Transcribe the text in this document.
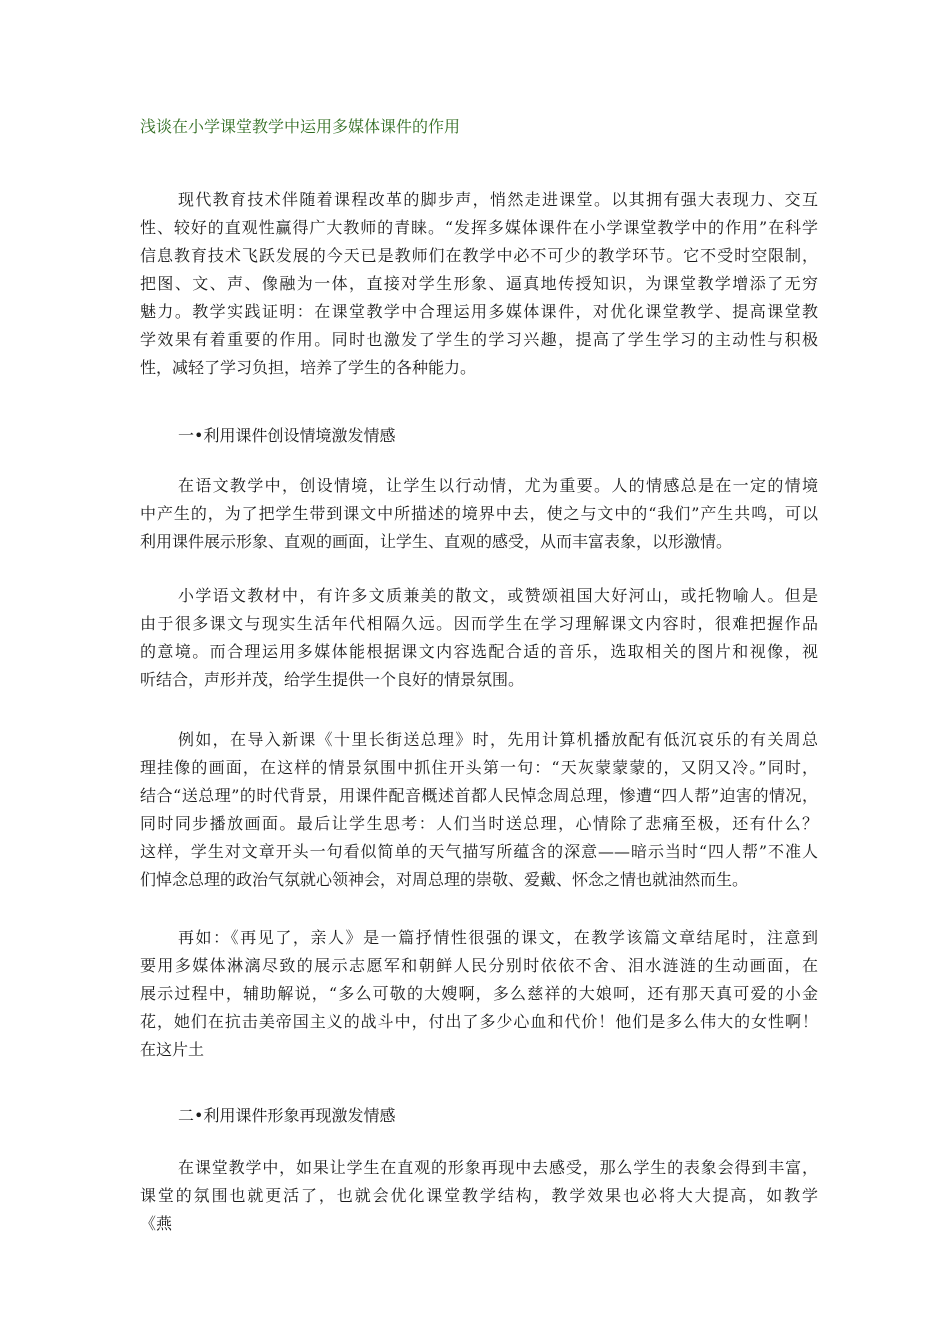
浅谈在小学课堂教学中运用多媒体课件的作用
现代教育技术伴随着课程改革的脚步声，悄然走进课堂。以其拥有强大表现力、交互
性、较好的直观性赢得广大教师的青睐。“发挥多媒体课件在小学课堂教学中的作用”在科学
信息教育技术飞跃发展的今天已是教师们在教学中必不可少的教学环节。它不受时空限制，
把图、文、声、像融为一体，直接对学生形象、逼真地传授知识，为课堂教学增添了无穷
魅力。教学实践证明：在课堂教学中合理运用多媒体课件，对优化课堂教学、提高课堂教
学效果有着重要的作用。同时也激发了学生的学习兴趣，提高了学生学习的主动性与积极
性，减轻了学习负担，培养了学生的各种能力。
一•利用课件创设情境激发情感
在语文教学中，创设情境，让学生以行动情，尤为重要。人的情感总是在一定的情境
中产生的，为了把学生带到课文中所描述的境界中去，使之与文中的“我们”产生共鸣，可以
利用课件展示形象、直观的画面，让学生、直观的感受，从而丰富表象，以形激情。
小学语文教材中，有许多文质兼美的散文，或赞颂祖国大好河山，或托物喻人。但是
由于很多课文与现实生活年代相隔久远。因而学生在学习理解课文内容时，很难把握作品
的意境。而合理运用多媒体能根据课文内容选配合适的音乐，选取相关的图片和视像，视
听结合，声形并茂，给学生提供一个良好的情景氛围。
例如，在导入新课《十里长街送总理》时，先用计算机播放配有低沉哀乐的有关周总
理挂像的画面，在这样的情景氛围中抓住开头第一句：“天灰蒙蒙蒙的，又阴又冷。”同时，
结合“送总理”的时代背景，用课件配音概述首都人民悼念周总理，惨遭“四人帮”迫害的情况，
同时同步播放画面。最后让学生思考：人们当时送总理，心情除了悲痛至极，还有什么？
这样，学生对文章开头一句看似简单的天气描写所蕴含的深意——暗示当时“四人帮”不准人
们悼念总理的政治气氛就心领神会，对周总理的崇敬、爱戴、怀念之情也就油然而生。
再如：《再见了，亲人》是一篇抒情性很强的课文，在教学该篇文章结尾时，注意到
要用多媒体淋漓尽致的展示志愿军和朝鲜人民分别时依依不舍、泪水涟涟的生动画面，在
展示过程中，辅助解说，“多么可敬的大嫂啊，多么慈祥的大娘呵，还有那天真可爱的小金
花，她们在抗击美帝国主义的战斗中，付出了多少心血和代价！他们是多么伟大的女性啊！
在这片土
二•利用课件形象再现激发情感
在课堂教学中，如果让学生在直观的形象再现中去感受，那么学生的表象会得到丰富，
课堂的氛围也就更活了，也就会优化课堂教学结构，教学效果也必将大大提高，如教学
《燕
